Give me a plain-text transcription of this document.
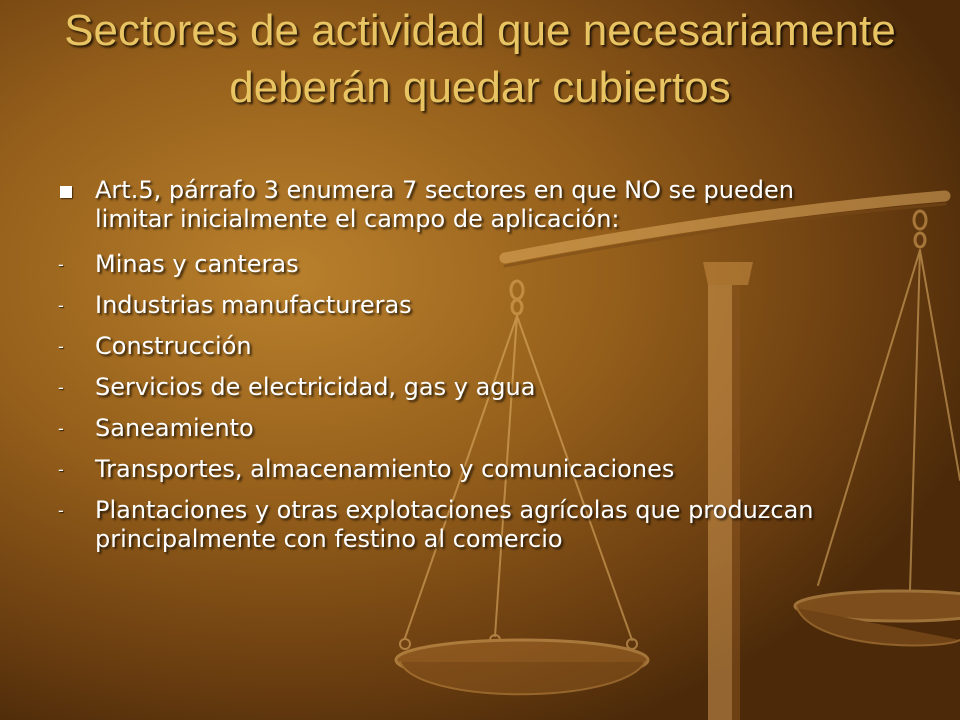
Sectores de actividad que necesariamente deberán quedar cubiertos
Art.5, párrafo 3 enumera 7 sectores en que NO se pueden limitar inicialmente el campo de aplicación:
- Minas y canteras
- Industrias manufactureras
- Construcción
- Servicios de electricidad, gas y agua
- Saneamiento
- Transportes, almacenamiento y comunicaciones
- Plantaciones y otras explotaciones agrícolas que produzcan principalmente con festino al comercio
